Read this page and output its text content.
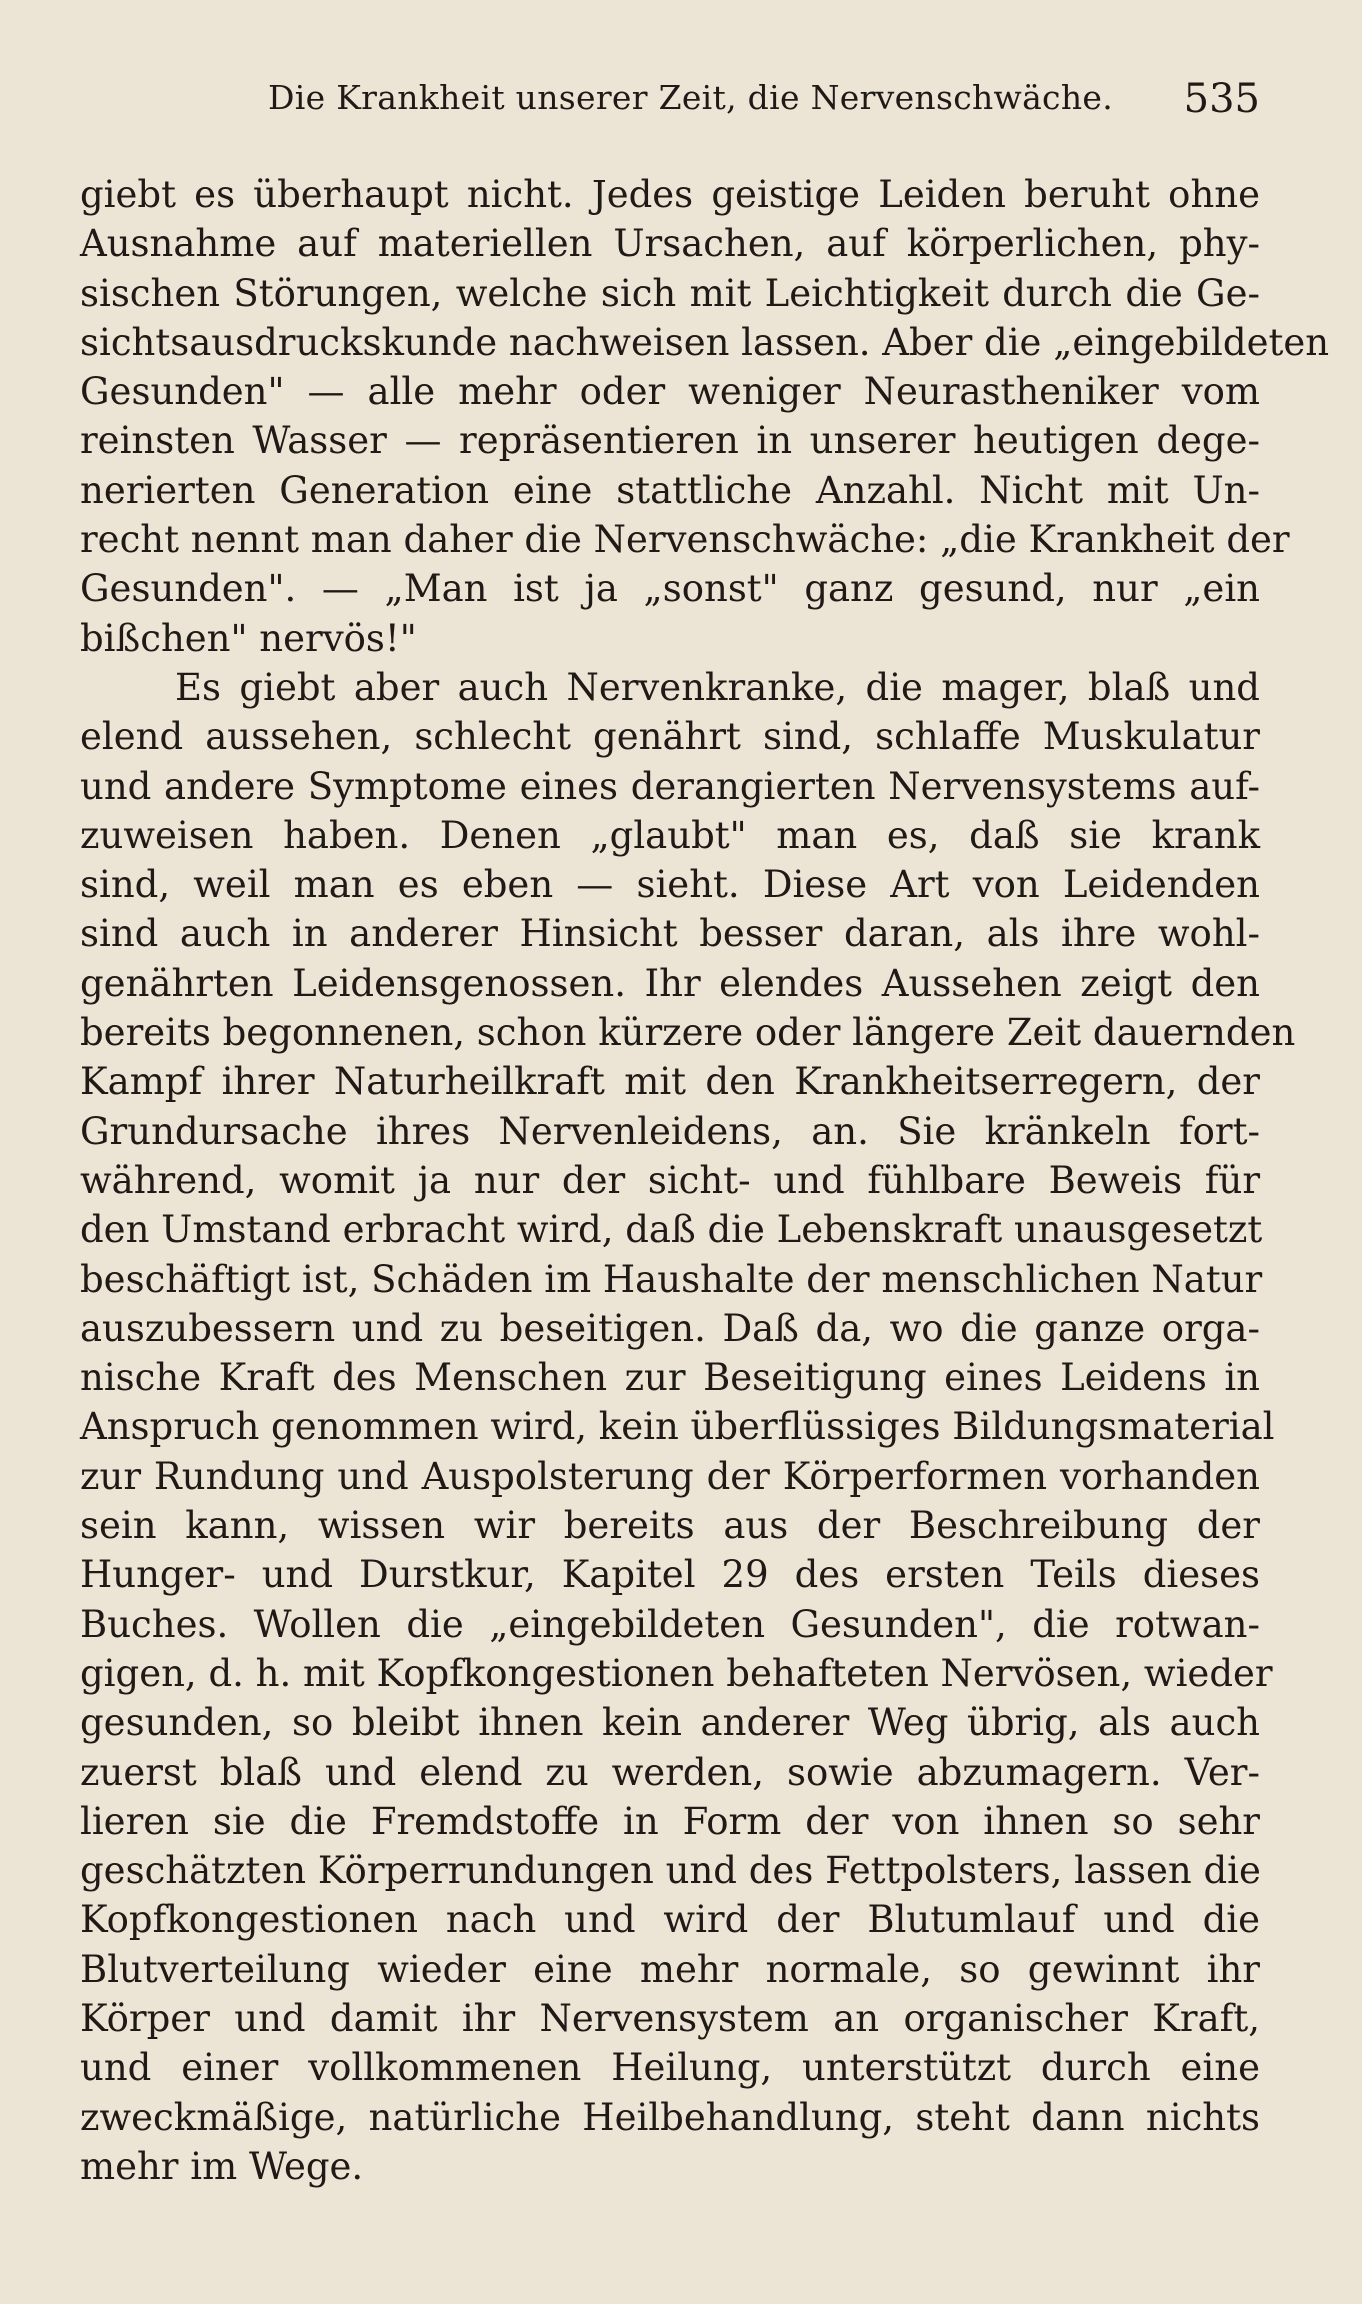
Die Krankheit unserer Zeit, die Nervenschwäche. 535
giebt es überhaupt nicht. Jedes geistige Leiden beruht ohne
Ausnahme auf materiellen Ursachen, auf körperlichen, phy-
sischen Störungen, welche sich mit Leichtigkeit durch die Ge-
sichtsausdruckskunde nachweisen lassen. Aber die „eingebildeten
Gesunden" — alle mehr oder weniger Neurastheniker vom
reinsten Wasser — repräsentieren in unserer heutigen dege-
nerierten Generation eine stattliche Anzahl. Nicht mit Un-
recht nennt man daher die Nervenschwäche: „die Krankheit der
Gesunden". — „Man ist ja „sonst" ganz gesund, nur „ein
bißchen" nervös!"
Es giebt aber auch Nervenkranke, die mager, blaß und
elend aussehen, schlecht genährt sind, schlaffe Muskulatur
und andere Symptome eines derangierten Nervensystems auf-
zuweisen haben. Denen „glaubt" man es, daß sie krank
sind, weil man es eben — sieht. Diese Art von Leidenden
sind auch in anderer Hinsicht besser daran, als ihre wohl-
genährten Leidensgenossen. Ihr elendes Aussehen zeigt den
bereits begonnenen, schon kürzere oder längere Zeit dauernden
Kampf ihrer Naturheilkraft mit den Krankheitserregern, der
Grundursache ihres Nervenleidens, an. Sie kränkeln fort-
während, womit ja nur der sicht- und fühlbare Beweis für
den Umstand erbracht wird, daß die Lebenskraft unausgesetzt
beschäftigt ist, Schäden im Haushalte der menschlichen Natur
auszubessern und zu beseitigen. Daß da, wo die ganze orga-
nische Kraft des Menschen zur Beseitigung eines Leidens in
Anspruch genommen wird, kein überflüssiges Bildungsmaterial
zur Rundung und Auspolsterung der Körperformen vorhanden
sein kann, wissen wir bereits aus der Beschreibung der
Hunger- und Durstkur, Kapitel 29 des ersten Teils dieses
Buches. Wollen die „eingebildeten Gesunden", die rotwan-
gigen, d. h. mit Kopfkongestionen behafteten Nervösen, wieder
gesunden, so bleibt ihnen kein anderer Weg übrig, als auch
zuerst blaß und elend zu werden, sowie abzumagern. Ver-
lieren sie die Fremdstoffe in Form der von ihnen so sehr
geschätzten Körperrundungen und des Fettpolsters, lassen die
Kopfkongestionen nach und wird der Blutumlauf und die
Blutverteilung wieder eine mehr normale, so gewinnt ihr
Körper und damit ihr Nervensystem an organischer Kraft,
und einer vollkommenen Heilung, unterstützt durch eine
zweckmäßige, natürliche Heilbehandlung, steht dann nichts
mehr im Wege.
